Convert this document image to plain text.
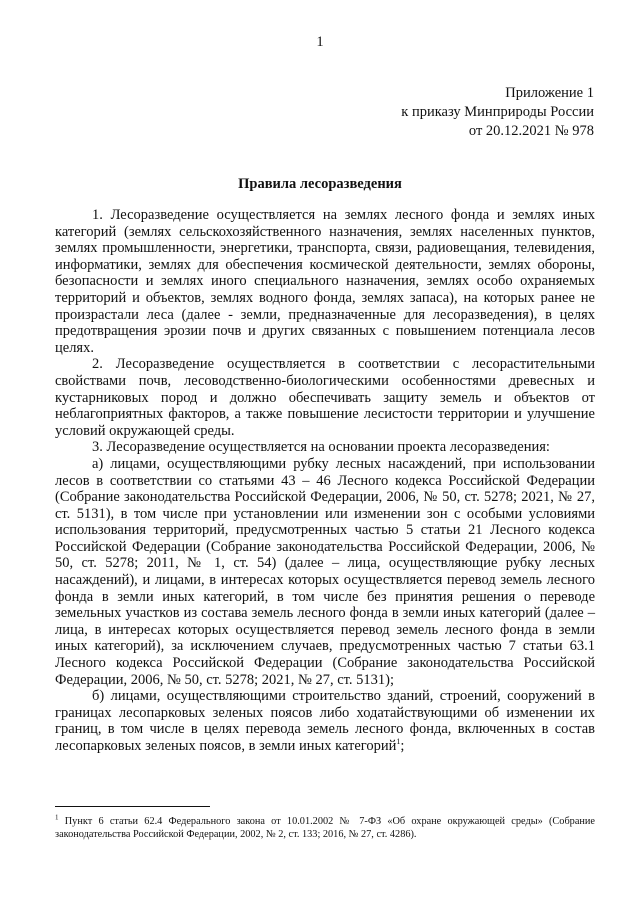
1
Приложение 1
к приказу Минприроды России
от 20.12.2021 № 978
Правила лесоразведения

1. Лесоразведение осуществляется на землях лесного фонда и землях иных категорий (землях сельскохозяйственного назначения, землях населенных пунктов, землях промышленности, энергетики, транспорта, связи, радиовещания, телевидения, информатики, землях для обеспечения космической деятельности, землях обороны, безопасности и землях иного специального назначения, землях особо охраняемых территорий и объектов, землях водного фонда, землях запаса), на которых ранее не произрастали леса (далее - земли, предназначенные для лесоразведения), в целях предотвращения эрозии почв и других связанных с повышением потенциала лесов целях.

2. Лесоразведение осуществляется в соответствии с лесорастительными свойствами почв, лесоводственно-биологическими особенностями древесных и кустарниковых пород и должно обеспечивать защиту земель и объектов от неблагоприятных факторов, а также повышение лесистости территории и улучшение условий окружающей среды.

3. Лесоразведение осуществляется на основании проекта лесоразведения:

а) лицами, осуществляющими рубку лесных насаждений, при использовании лесов в соответствии со статьями 43 – 46 Лесного кодекса Российской Федерации (Собрание законодательства Российской Федерации, 2006, № 50, ст. 5278; 2021, № 27, ст. 5131), в том числе при установлении или изменении зон с особыми условиями использования территорий, предусмотренных частью 5 статьи 21 Лесного кодекса Российской Федерации (Собрание законодательства Российской Федерации, 2006, № 50, ст. 5278; 2011, № 1, ст. 54) (далее – лица, осуществляющие рубку лесных насаждений), и лицами, в интересах которых осуществляется перевод земель лесного фонда в земли иных категорий, в том числе без принятия решения о переводе земельных участков из состава земель лесного фонда в земли иных категорий (далее – лица, в интересах которых осуществляется перевод земель лесного фонда в земли иных категорий), за исключением случаев, предусмотренных частью 7 статьи 63.1 Лесного кодекса Российской Федерации (Собрание законодательства Российской Федерации, 2006, № 50, ст. 5278; 2021, № 27, ст. 5131);

б) лицами, осуществляющими строительство зданий, строений, сооружений в границах лесопарковых зеленых поясов либо ходатайствующими об изменении их границ, в том числе в целях перевода земель лесного фонда, включенных в состав лесопарковых зеленых поясов, в земли иных категорий$^1$;

$^1$ Пункт 6 статьи 62.4 Федерального закона от 10.01.2002 № 7-ФЗ «Об охране окружающей среды» (Собрание законодательства Российской Федерации, 2002, № 2, ст. 133; 2016, № 27, ст. 4286).
